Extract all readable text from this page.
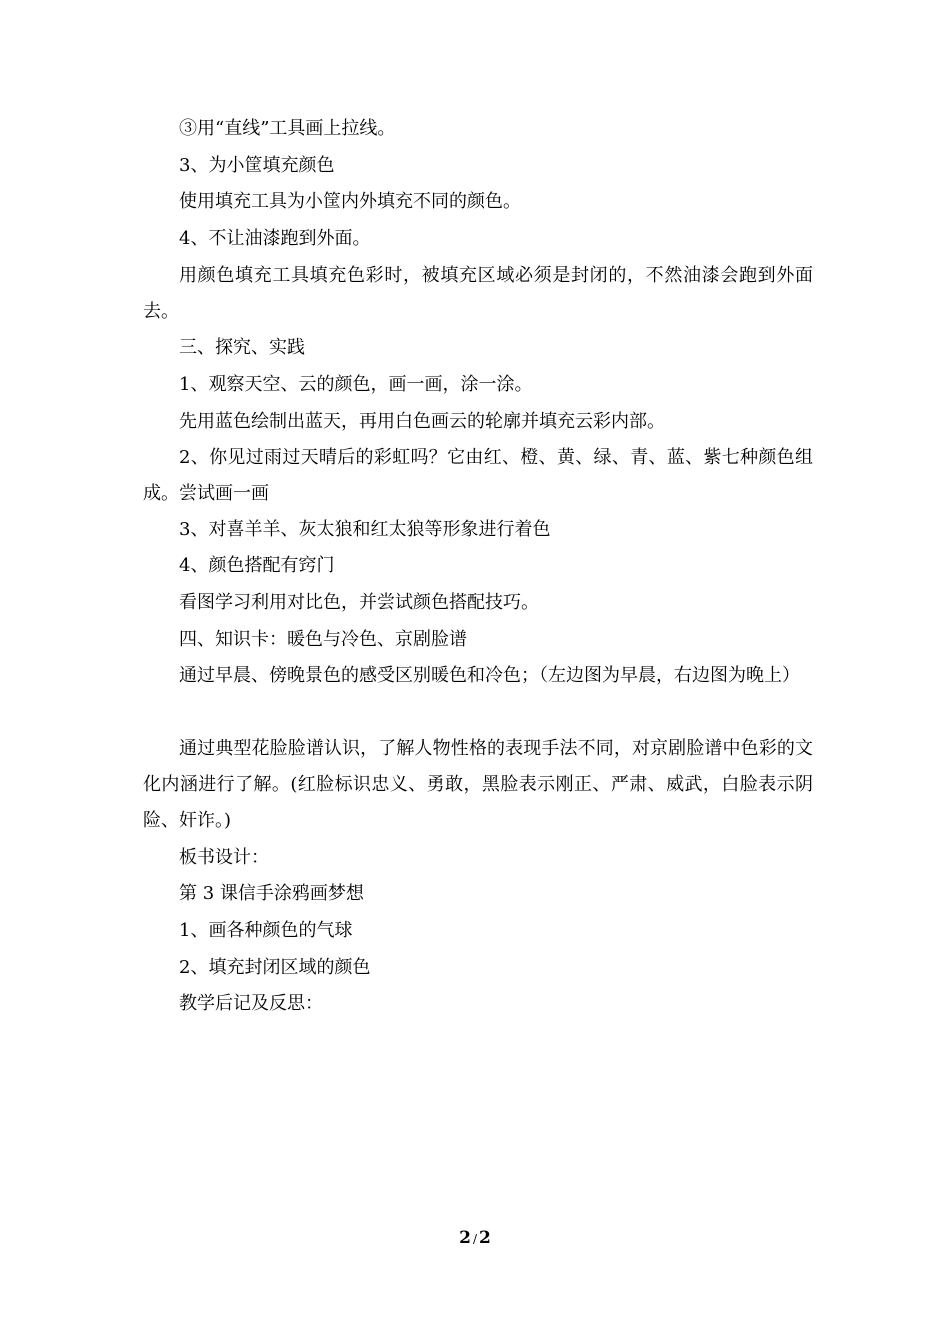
③用“直线”工具画上拉线。

3、为小筐填充颜色

使用填充工具为小筐内外填充不同的颜色。

4、不让油漆跑到外面。

用颜色填充工具填充色彩时，被填充区域必须是封闭的，不然油漆会跑到外面去。

三、探究、实践

1、观察天空、云的颜色，画一画，涂一涂。

先用蓝色绘制出蓝天，再用白色画云的轮廓并填充云彩内部。

2、你见过雨过天晴后的彩虹吗？它由红、橙、黄、绿、青、蓝、紫七种颜色组成。尝试画一画

3、对喜羊羊、灰太狼和红太狼等形象进行着色

4、颜色搭配有窍门

看图学习利用对比色，并尝试颜色搭配技巧。

四、知识卡：暖色与冷色、京剧脸谱

通过早晨、傍晚景色的感受区别暖色和冷色；（左边图为早晨，右边图为晚上）

通过典型花脸脸谱认识，了解人物性格的表现手法不同，对京剧脸谱中色彩的文化内涵进行了解。(红脸标识忠义、勇敢，黑脸表示刚正、严肃、威武，白脸表示阴险、奸诈。)

板书设计：

第 3 课信手涂鸦画梦想

1、画各种颜色的气球

2、填充封闭区域的颜色

教学后记及反思：

2 / 2
